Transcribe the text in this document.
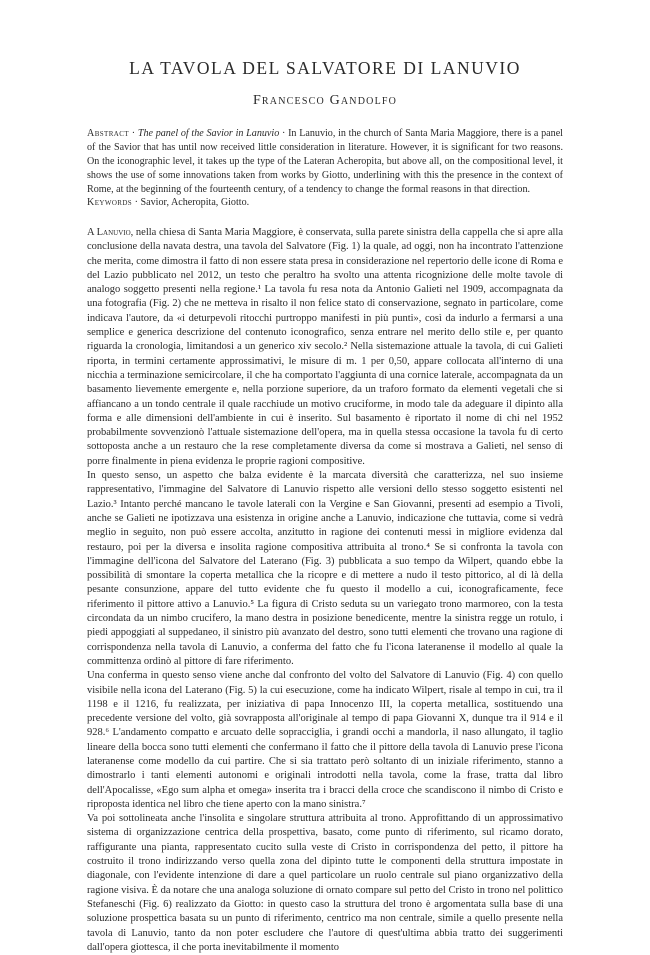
LA TAVOLA DEL SALVATORE DI LANUVIO
Francesco Gandolfo

Abstract · The panel of the Savior in Lanuvio · In Lanuvio, in the church of Santa Maria Maggiore, there is a panel of the Savior that has until now received little consideration in literature. However, it is significant for two reasons. On the iconographic level, it takes up the type of the Lateran Acheropita, but above all, on the compositional level, it shows the use of some innovations taken from works by Giotto, underlining with this the presence in the context of Rome, at the beginning of the fourteenth century, of a tendency to change the formal reasons in that direction.

Keywords · Savior, Acheropita, Giotto.

A Lanuvio, nella chiesa di Santa Maria Maggiore, è conservata, sulla parete sinistra della cappella che si apre alla conclusione della navata destra, una tavola del Salvatore (Fig. 1) la quale, ad oggi, non ha incontrato l'attenzione che merita, come dimostra il fatto di non essere stata presa in considerazione nel repertorio delle icone di Roma e del Lazio pubblicato nel 2012, un testo che peraltro ha svolto una attenta ricognizione delle molte tavole di analogo soggetto presenti nella regione.¹ La tavola fu resa nota da Antonio Galieti nel 1909, accompagnata da una fotografia (Fig. 2) che ne metteva in risalto il non felice stato di conservazione, segnato in particolare, come indicava l'autore, da «i deturpevoli ritocchi purtroppo manifesti in più punti», così da indurlo a fermarsi a una semplice e generica descrizione del contenuto iconografico, senza entrare nel merito dello stile e, per quanto riguarda la cronologia, limitandosi a un generico xiv secolo.² Nella sistemazione attuale la tavola, di cui Galieti riporta, in termini certamente approssimativi, le misure di m. 1 per 0,50, appare collocata all'interno di una nicchia a terminazione semicircolare, il che ha comportato l'aggiunta di una cornice laterale, accompagnata da un basamento lievemente emergente e, nella porzione superiore, da un traforo formato da elementi vegetali che si affiancano a un tondo centrale il quale racchiude un motivo cruciforme, in modo tale da adeguare il dipinto alla forma e alle dimensioni dell'ambiente in cui è inserito. Sul basamento è riportato il nome di chi nel 1952 probabilmente sovvenzionò l'attuale sistemazione dell'opera, ma in quella stessa occasione la tavola fu di certo sottoposta anche a un restauro che la rese completamente diversa da come si mostrava a Galieti, nel senso di porre finalmente in piena evidenza le proprie ragioni compositive.

In questo senso, un aspetto che balza evidente è la marcata diversità che caratterizza, nel suo insieme rappresentativo, l'immagine del Salvatore di Lanuvio rispetto alle versioni dello stesso soggetto esistenti nel Lazio.³ Intanto perché mancano le tavole laterali con la Vergine e San Giovanni, presenti ad esempio a Tivoli, anche se Galieti ne ipotizzava una esistenza in origine anche a Lanuvio, indicazione che tuttavia, come si vedrà meglio in seguito, non può essere accolta, anzitutto in ragione dei contenuti messi in migliore evidenza dal restauro, poi per la diversa e insolita ragione compositiva attribuita al trono.⁴ Se si confronta la tavola con l'immagine dell'icona del Salvatore del Laterano (Fig. 3) pubblicata a suo tempo da Wilpert, quando ebbe la possibilità di smontare la coperta metallica che la ricopre e di mettere a nudo il testo pittorico, al di là della pesante consunzione, appare del tutto evidente che fu questo il modello a cui, iconograficamente, fece riferimento il pittore attivo a Lanuvio.⁵ La figura di Cristo seduta su un variegato trono marmoreo, con la testa circondata da un nimbo crucifero, la mano destra in posizione benedicente, mentre la sinistra regge un rotulo, i piedi appoggiati al suppedaneo, il sinistro più avanzato del destro, sono tutti elementi che trovano una ragione di corrispondenza nella tavola di Lanuvio, a conferma del fatto che fu l'icona lateranense il modello al quale la committenza ordinò al pittore di fare riferimento.

Una conferma in questo senso viene anche dal confronto del volto del Salvatore di Lanuvio (Fig. 4) con quello visibile nella icona del Laterano (Fig. 5) la cui esecuzione, come ha indicato Wilpert, risale al tempo in cui, tra il 1198 e il 1216, fu realizzata, per iniziativa di papa Innocenzo III, la coperta metallica, sostituendo una precedente versione del volto, già sovrapposta all'originale al tempo di papa Giovanni X, dunque tra il 914 e il 928.⁶ L'andamento compatto e arcuato delle sopracciglia, i grandi occhi a mandorla, il naso allungato, il taglio lineare della bocca sono tutti elementi che confermano il fatto che il pittore della tavola di Lanuvio prese l'icona lateranense come modello da cui partire. Che si sia trattato però soltanto di un iniziale riferimento, stanno a dimostrarlo i tanti elementi autonomi e originali introdotti nella tavola, come la frase, tratta dal libro dell'Apocalisse, «Ego sum alpha et omega» inserita tra i bracci della croce che scandiscono il nimbo di Cristo e riproposta identica nel libro che tiene aperto con la mano sinistra.⁷

Va poi sottolineata anche l'insolita e singolare struttura attribuita al trono. Approfittando di un approssimativo sistema di organizzazione centrica della prospettiva, basato, come punto di riferimento, sul ricamo dorato, raffigurante una pianta, rappresentato cucito sulla veste di Cristo in corrispondenza del petto, il pittore ha costruito il trono indirizzando verso quella zona del dipinto tutte le componenti della struttura impostate in diagonale, con l'evidente intenzione di dare a quel particolare un ruolo centrale sul piano organizzativo della ragione visiva. È da notare che una analoga soluzione di ornato compare sul petto del Cristo in trono nel polittico Stefaneschi (Fig. 6) realizzato da Giotto: in questo caso la struttura del trono è argomentata sulla base di una soluzione prospettica basata su un punto di riferimento, centrico ma non centrale, simile a quello presente nella tavola di Lanuvio, tanto da non poter escludere che l'autore di quest'ultima abbia tratto dei suggerimenti dall'opera giottesca, il che porta inevitabilmente il momento
